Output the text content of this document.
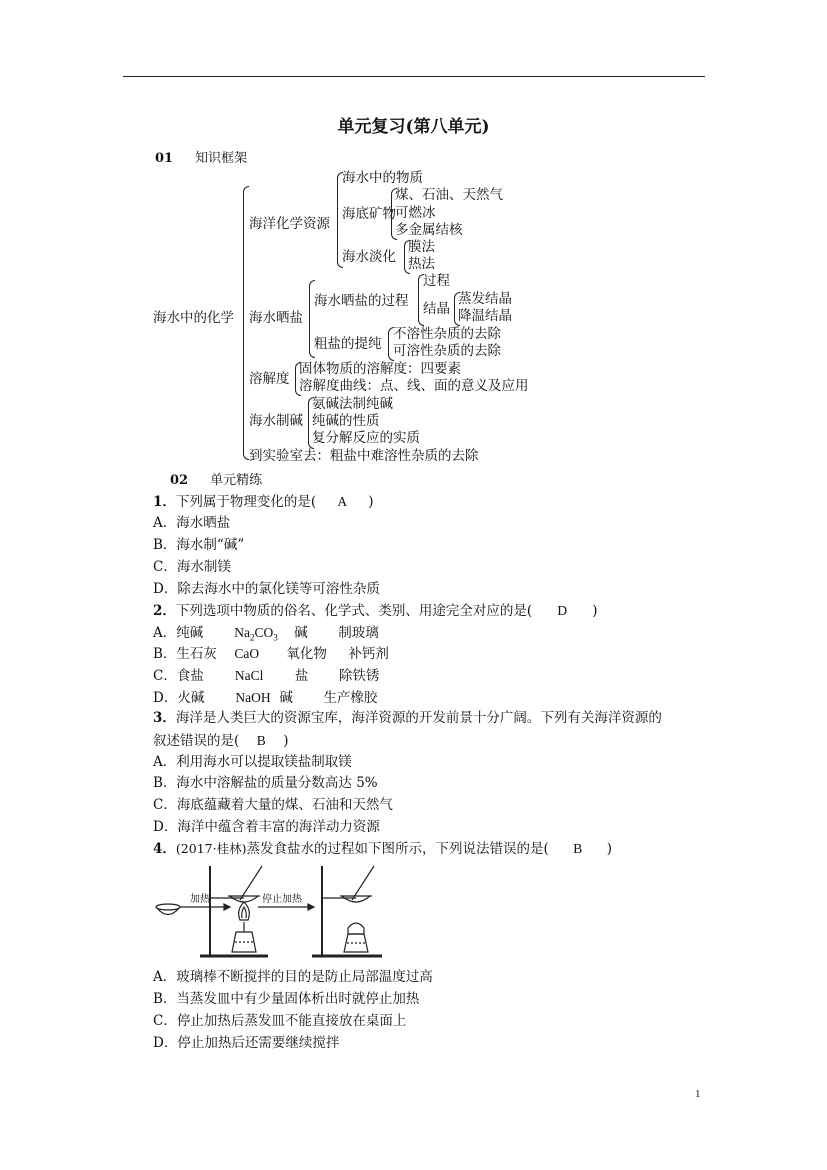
单元复习(第八单元)
01 知识框架
海水中的化学
海洋化学资源
海水中的物质
海底矿物
煤、石油、天然气
可燃冰
多金属结核
海水淡化
膜法
热法
海水晒盐
海水晒盐的过程
过程
结晶
蒸发结晶
降温结晶
粗盐的提纯
不溶性杂质的去除
可溶性杂质的去除
溶解度
固体物质的溶解度：四要素
溶解度曲线：点、线、面的意义及应用
海水制碱
氨碱法制纯碱
纯碱的性质
复分解反应的实质
到实验室去：粗盐中难溶性杂质的去除
02 单元精练
1．下列属于物理变化的是( A )
A．海水晒盐
B．海水制“碱”
C．海水制镁
D．除去海水中的氯化镁等可溶性杂质
2．下列选项中物质的俗名、化学式、类别、用途完全对应的是( D )
A．纯碱 $Na_2CO_3$ 碱 制玻璃
B．生石灰 CaO 氧化物 补钙剂
C．食盐 NaCl 盐 除铁锈
D．火碱 NaOH 碱 生产橡胶
3．海洋是人类巨大的资源宝库，海洋资源的开发前景十分广阔。下列有关海洋资源的
叙述错误的是( B )
A．利用海水可以提取镁盐制取镁
B．海水中溶解盐的质量分数高达 5%
C．海底蕴藏着大量的煤、石油和天然气
D．海洋中蕴含着丰富的海洋动力资源
4．(2017·桂林)蒸发食盐水的过程如下图所示，下列说法错误的是( B )
加热	停止加热
A．玻璃棒不断搅拌的目的是防止局部温度过高
B．当蒸发皿中有少量固体析出时就停止加热
C．停止加热后蒸发皿不能直接放在桌面上
D．停止加热后还需要继续搅拌
1
